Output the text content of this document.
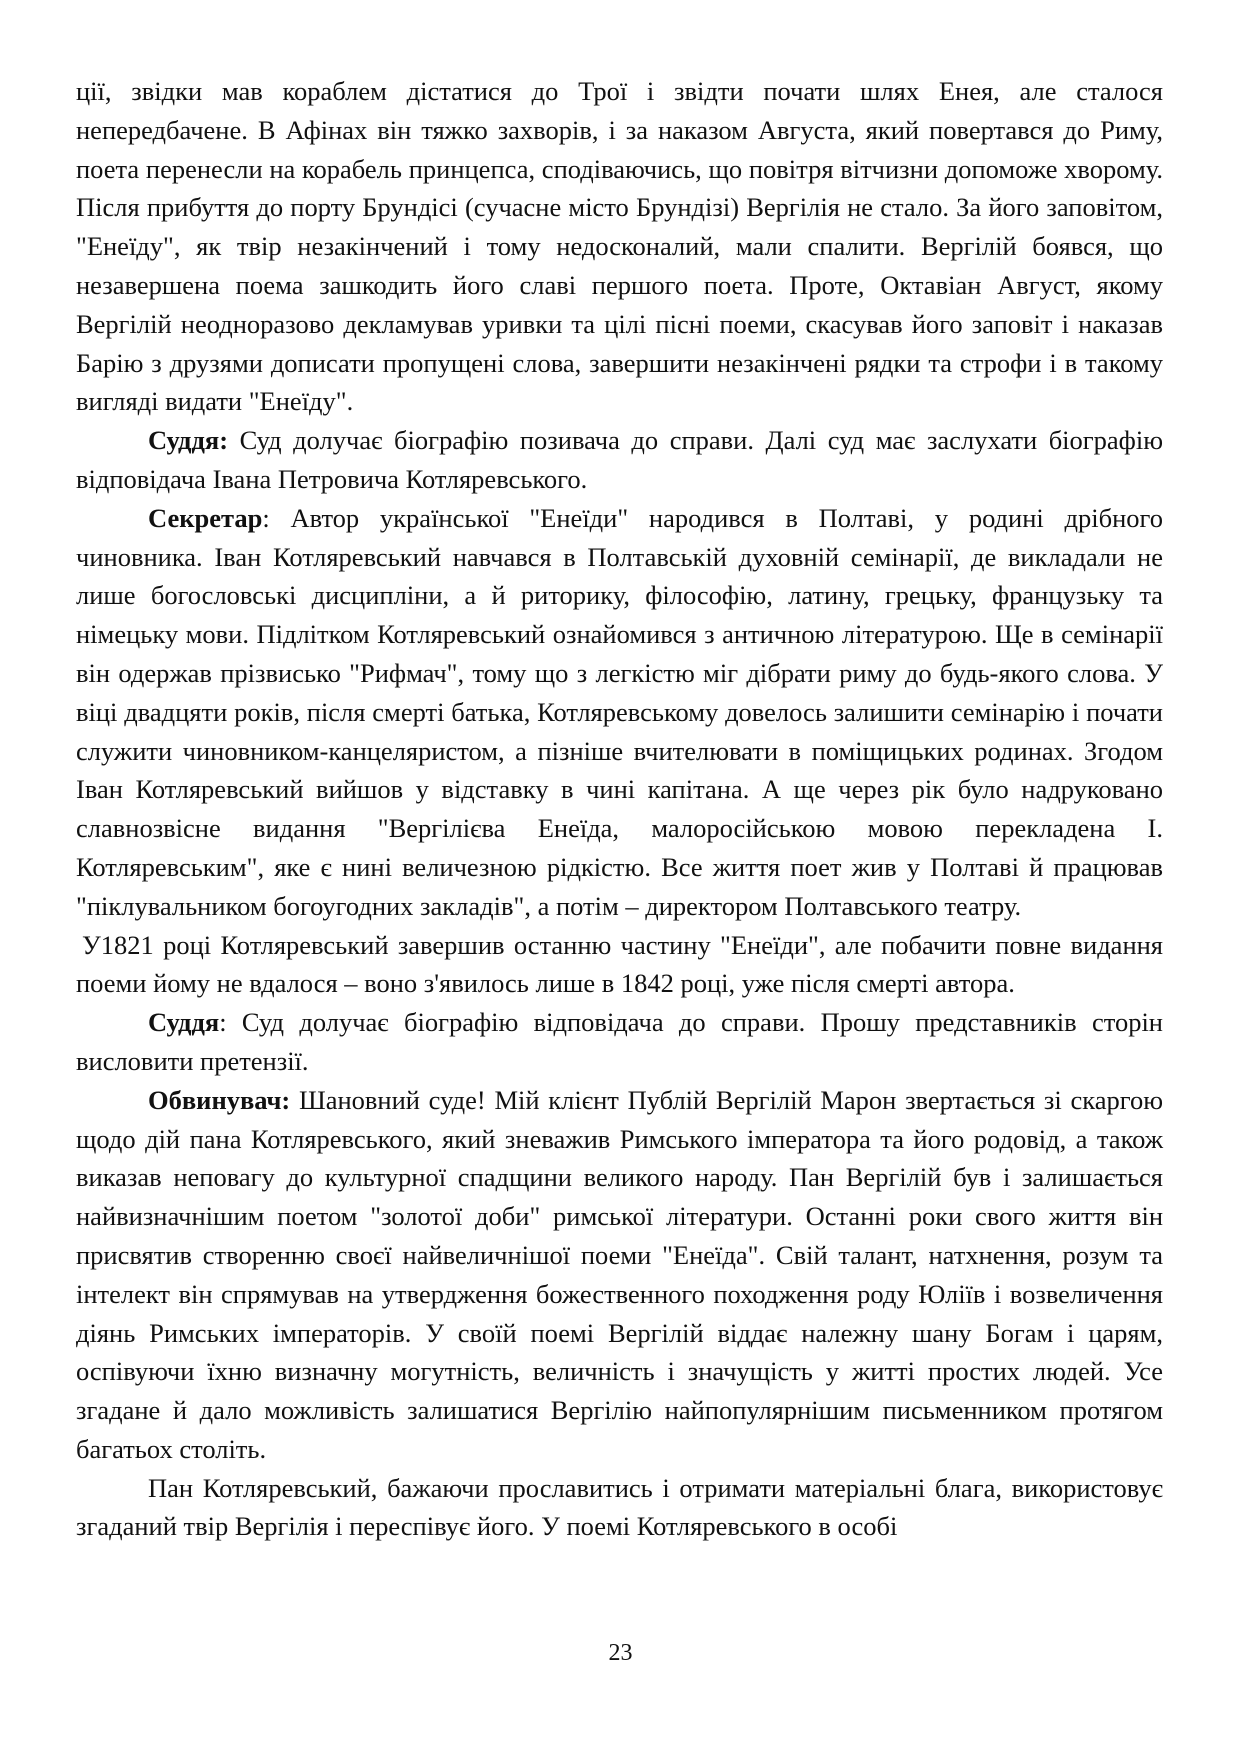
ції, звідки мав кораблем дістатися до Трої і звідти почати шлях Енея, але сталося непередбачене. В Афінах він тяжко захворів, і за наказом Августа, який повертався до Риму, поета перенесли на корабель принцепса, сподіваючись, що повітря вітчизни допоможе хворому. Після прибуття до порту Брундісі (сучасне місто Брундізі) Вергілія не стало. За його заповітом, "Енеїду", як твір незакінчений і тому недосконалий, мали спалити. Вергілій боявся, що незавершена поема зашкодить його славі першого поета. Проте, Октавіан Август, якому Вергілій неодноразово декламував уривки та цілі пісні поеми, скасував його заповіт і наказав Барію з друзями дописати пропущені слова, завершити незакінчені рядки та строфи і в такому вигляді видати "Енеїду".

Суддя: Суд долучає біографію позивача до справи. Далі суд має заслухати біографію відповідача Івана Петровича Котляревського.

Секретар: Автор української "Енеїди" народився в Полтаві, у родині дрібного чиновника. Іван Котляревський навчався в Полтавській духовній семінарії, де викладали не лише богословські дисципліни, а й риторику, філософію, латину, грецьку, французьку та німецьку мови. Підлітком Котляревський ознайомився з античною літературою. Ще в семінарії він одержав прізвисько "Рифмач", тому що з легкістю міг дібрати риму до будь-якого слова. У віці двадцяти років, після смерті батька, Котляревському довелось залишити семінарію і почати служити чиновником-канцеляристом, а пізніше вчителювати в поміщицьких родинах. Згодом Іван Котляревський вийшов у відставку в чині капітана. А ще через рік було надруковано славнозвісне видання "Вергілієва Енеїда, малоросійською мовою перекладена І. Котляревським", яке є нині величезною рідкістю. Все життя поет жив у Полтаві й працював "піклувальником богоугодних закладів", а потім – директором Полтавського театру.

У1821 році Котляревський завершив останню частину "Енеїди", але побачити повне видання поеми йому не вдалося – воно з'явилось лише в 1842 році, уже після смерті автора.

Суддя: Суд долучає біографію відповідача до справи. Прошу представників сторін висловити претензії.

Обвинувач: Шановний суде! Мій клієнт Публій Вергілій Марон звертається зі скаргою щодо дій пана Котляревського, який зневажив Римського імператора та його родовід, а також виказав неповагу до культурної спадщини великого народу. Пан Вергілій був і залишається найвизначнішим поетом "золотої доби" римської літератури. Останні роки свого життя він присвятив створенню своєї найвеличнішої поеми "Енеїда". Свій талант, натхнення, розум та інтелект він спрямував на утвердження божественного походження роду Юліїв і возвеличення діянь Римських імператорів. У своїй поемі Вергілій віддає належну шану Богам і царям, оспівуючи їхню визначну могутність, величність і значущість у житті простих людей. Усе згадане й дало можливість залишатися Вергілію найпопулярнішим письменником протягом багатьох століть.

Пан Котляревський, бажаючи прославитись і отримати матеріальні блага, використовує згаданий твір Вергілія і переспівує його. У поемі Котляревського в особі

23
